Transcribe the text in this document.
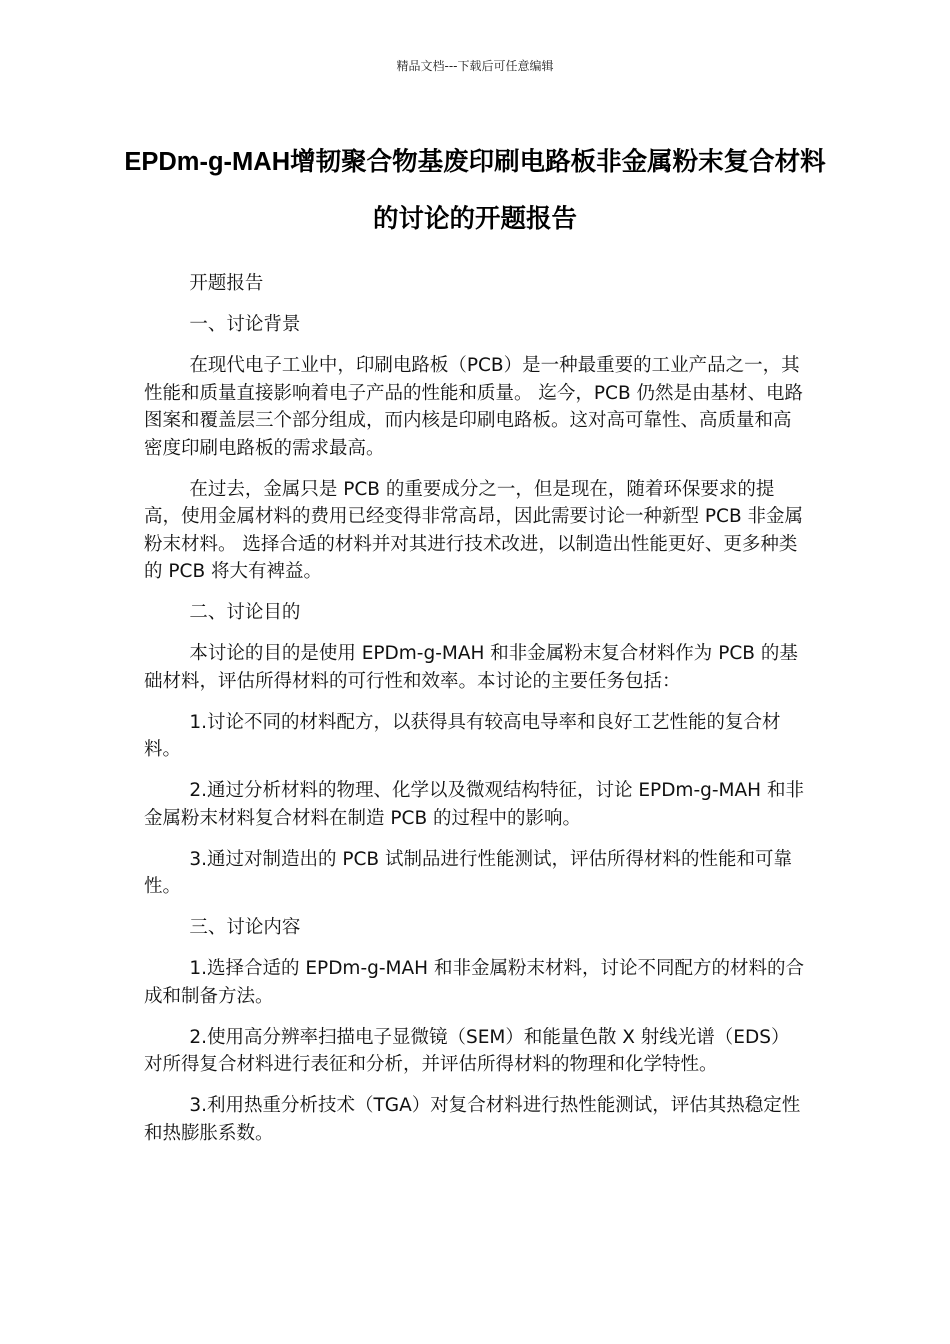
精品文档---下载后可任意编辑
EPDm-g-MAH增韧聚合物基废印刷电路板非金属粉末复合材料的讨论的开题报告

开题报告

一、讨论背景

在现代电子工业中，印刷电路板（PCB）是一种最重要的工业产品之一，其性能和质量直接影响着电子产品的性能和质量。 迄今，PCB 仍然是由基材、电路图案和覆盖层三个部分组成，而内核是印刷电路板。这对高可靠性、高质量和高密度印刷电路板的需求最高。

在过去，金属只是 PCB 的重要成分之一，但是现在，随着环保要求的提高，使用金属材料的费用已经变得非常高昂，因此需要讨论一种新型 PCB 非金属粉末材料。 选择合适的材料并对其进行技术改进，以制造出性能更好、更多种类的 PCB 将大有裨益。

二、讨论目的

本讨论的目的是使用 EPDm-g-MAH 和非金属粉末复合材料作为 PCB 的基础材料，评估所得材料的可行性和效率。本讨论的主要任务包括：

1.讨论不同的材料配方，以获得具有较高电导率和良好工艺性能的复合材料。

2.通过分析材料的物理、化学以及微观结构特征，讨论 EPDm-g-MAH 和非金属粉末材料复合材料在制造 PCB 的过程中的影响。

3.通过对制造出的 PCB 试制品进行性能测试，评估所得材料的性能和可靠性。

三、讨论内容

1.选择合适的 EPDm-g-MAH 和非金属粉末材料，讨论不同配方的材料的合成和制备方法。

2.使用高分辨率扫描电子显微镜（SEM）和能量色散 X 射线光谱（EDS）对所得复合材料进行表征和分析，并评估所得材料的物理和化学特性。

3.利用热重分析技术（TGA）对复合材料进行热性能测试，评估其热稳定性和热膨胀系数。
